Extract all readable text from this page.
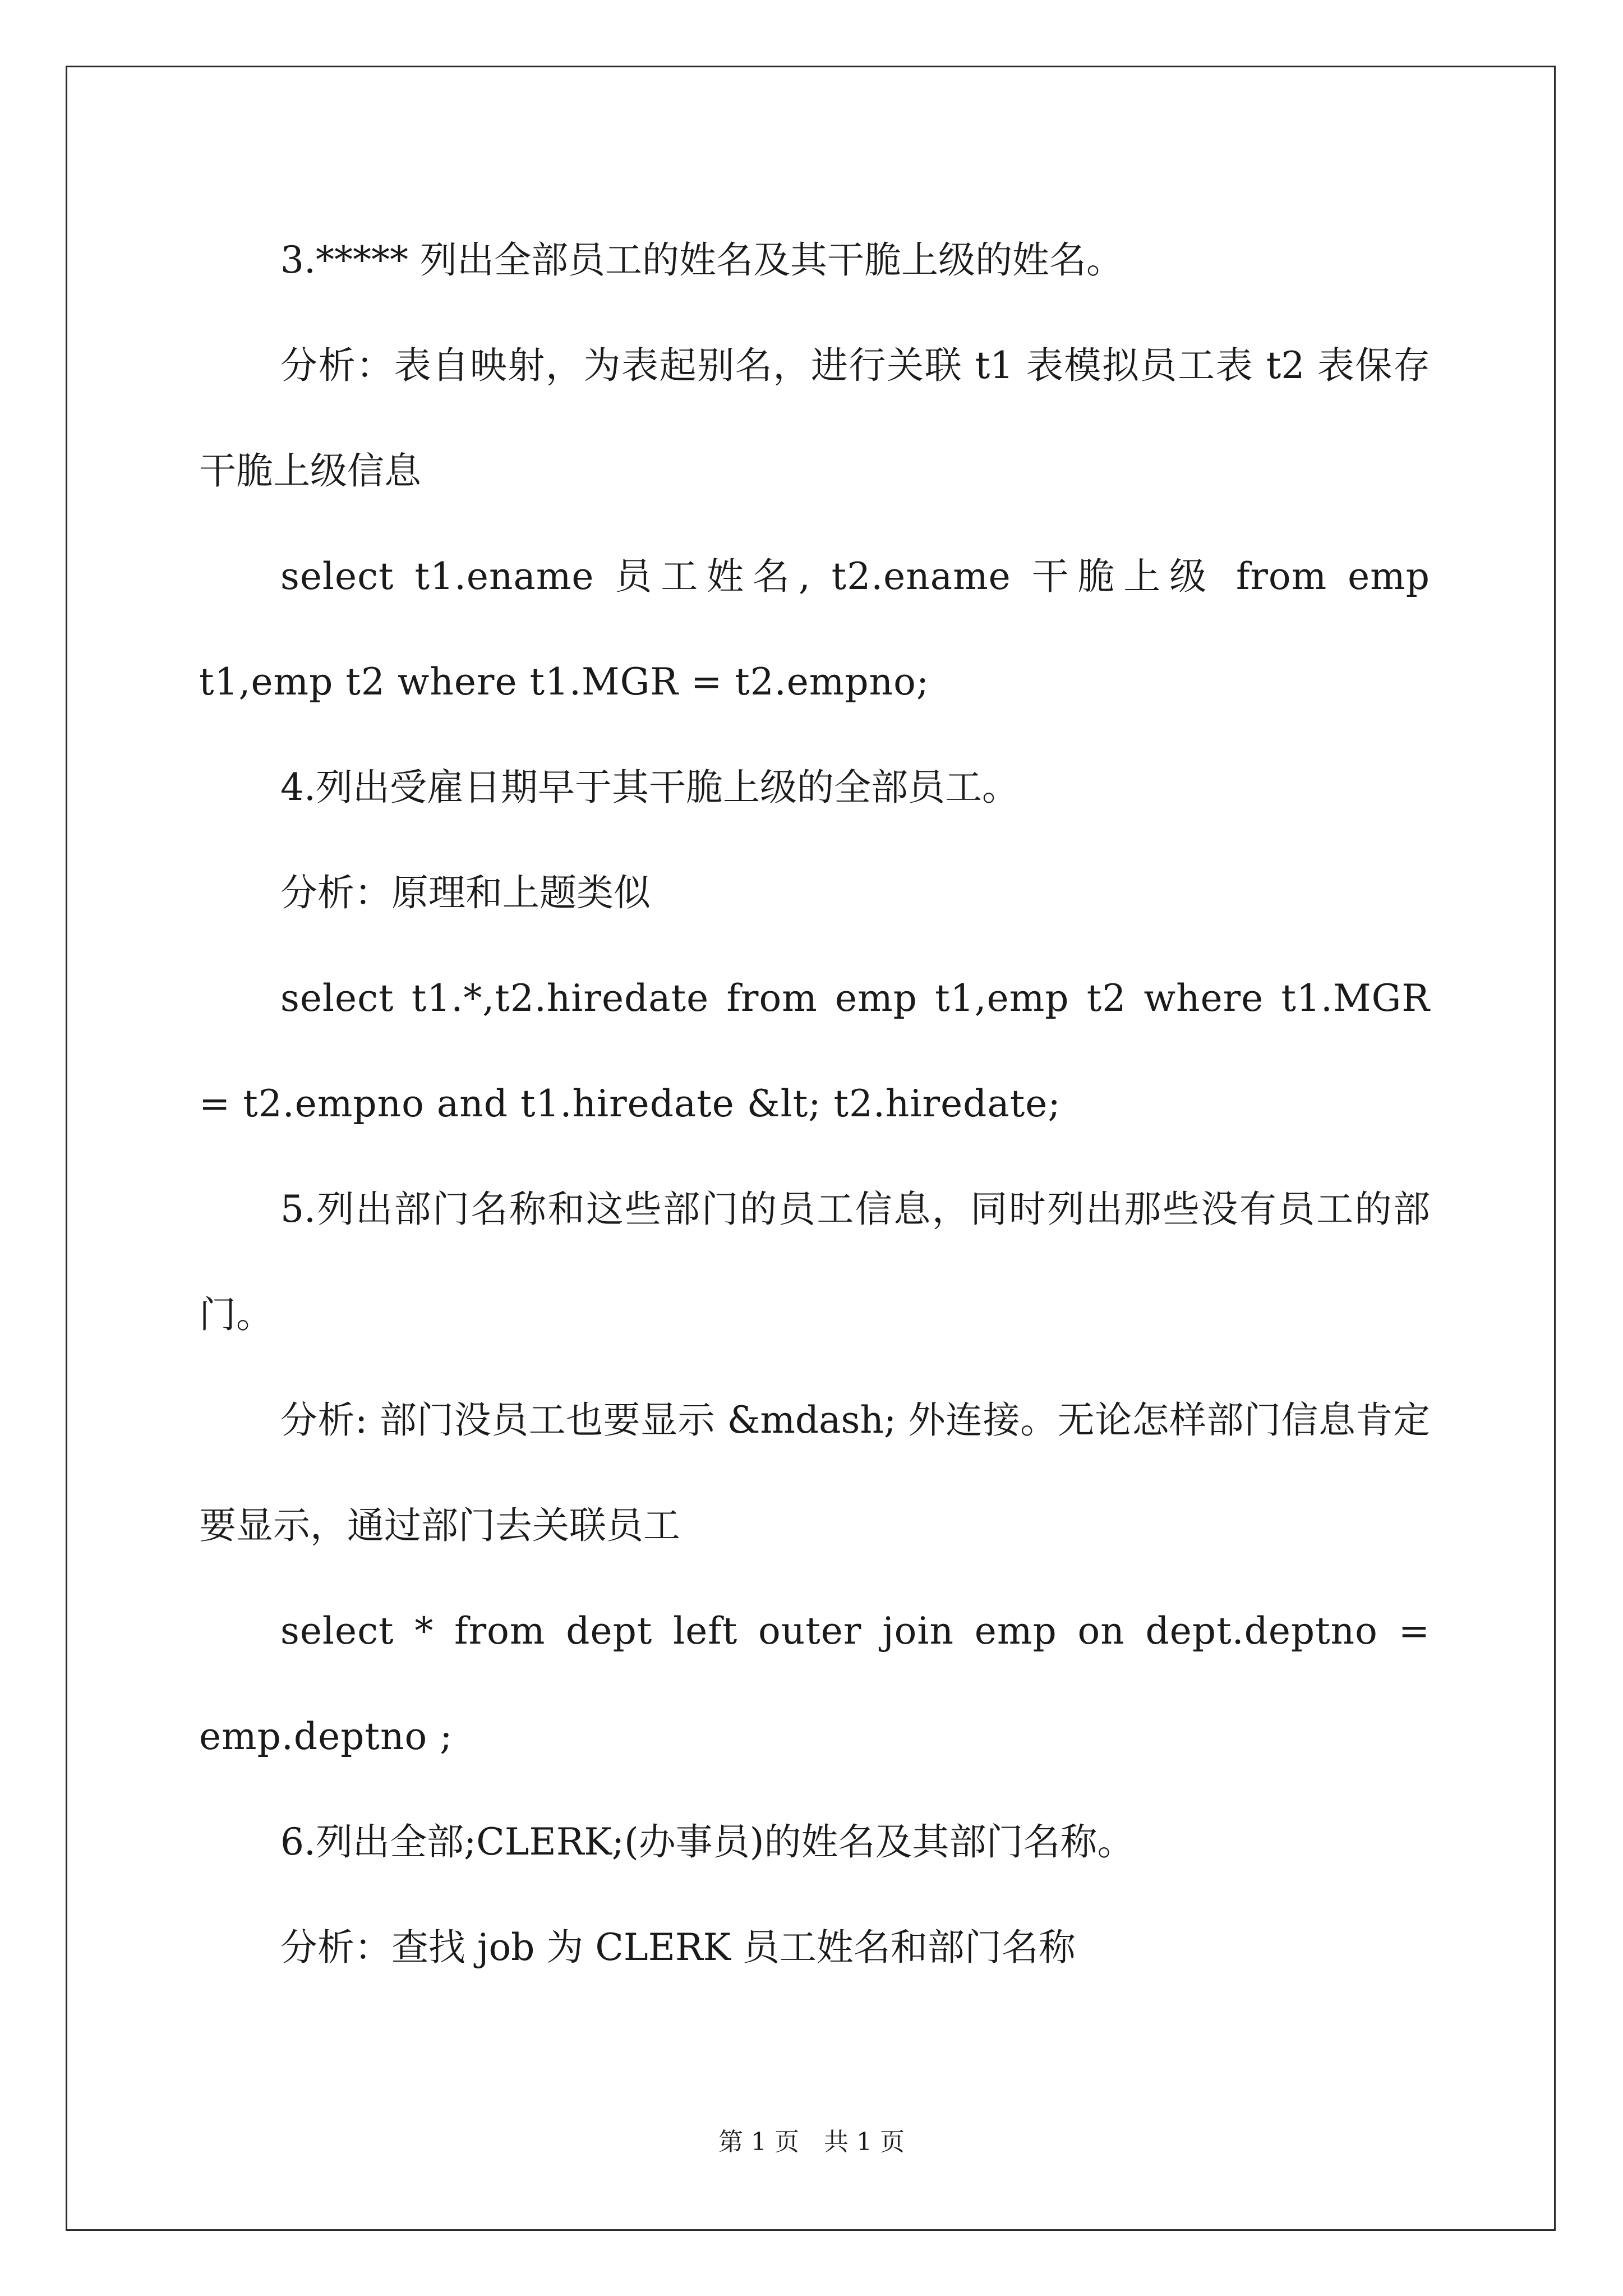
3.***** 列出全部员工的姓名及其干脆上级的姓名。

分析：表自映射，为表起别名，进行关联 t1 表模拟员工表 t2 表保存干脆上级信息

select t1.ename 员工姓名, t2.ename 干脆上级 from emp t1,emp t2 where t1.MGR = t2.empno;

4.列出受雇日期早于其干脆上级的全部员工。

分析：原理和上题类似

select t1.*,t2.hiredate from emp t1,emp t2 where t1.MGR = t2.empno and t1.hiredate &lt; t2.hiredate;

5.列出部门名称和这些部门的员工信息，同时列出那些没有员工的部门。

分析: 部门没员工也要显示 &mdash; 外连接。无论怎样部门信息肯定要显示，通过部门去关联员工

select * from dept left outer join emp on dept.deptno = emp.deptno ;

6.列出全部;CLERK;(办事员)的姓名及其部门名称。

分析：查找 job 为 CLERK 员工姓名和部门名称

第 1 页　共 1 页
